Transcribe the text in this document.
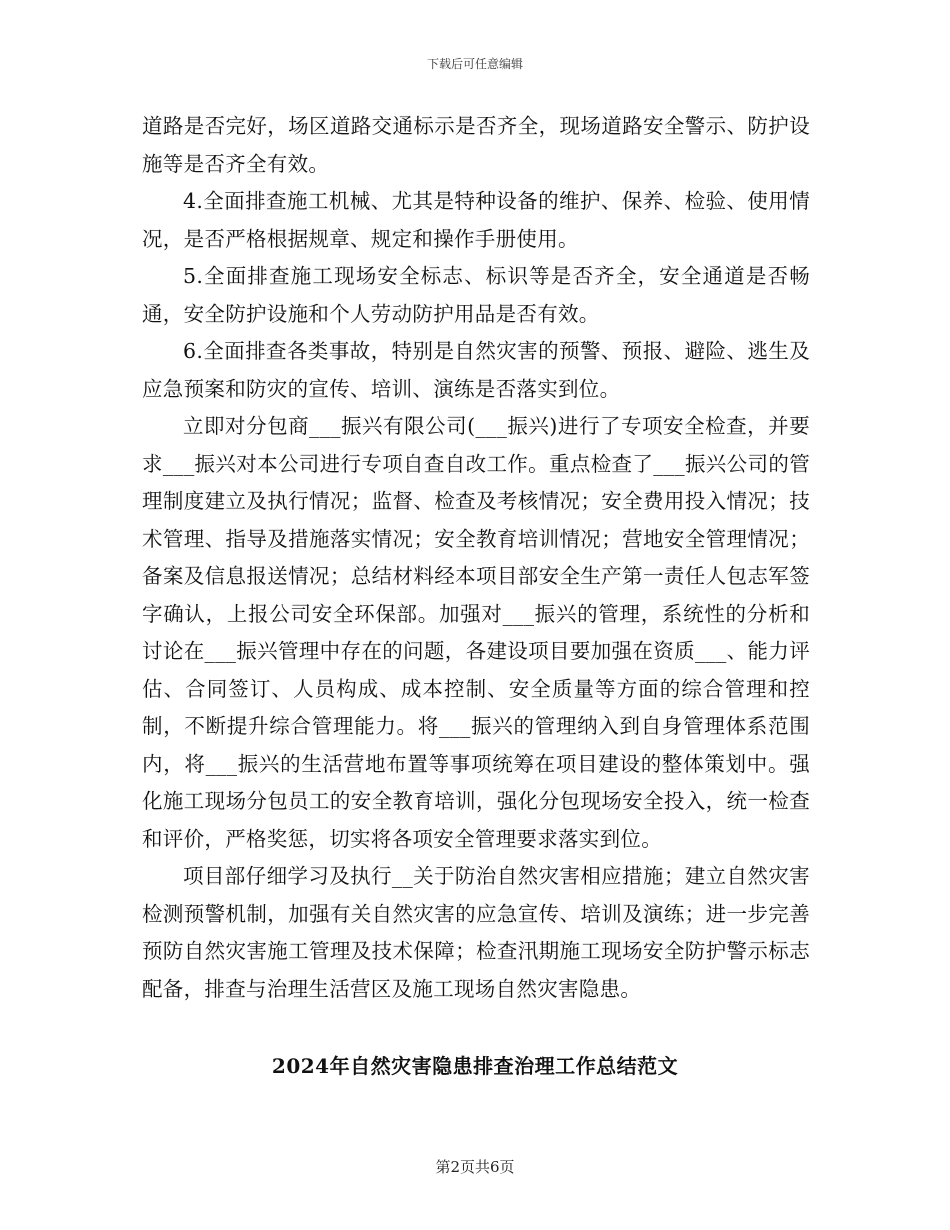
下载后可任意编辑

道路是否完好，场区道路交通标示是否齐全，现场道路安全警示、防护设施等是否齐全有效。

4.全面排查施工机械、尤其是特种设备的维护、保养、检验、使用情况，是否严格根据规章、规定和操作手册使用。

5.全面排查施工现场安全标志、标识等是否齐全，安全通道是否畅通，安全防护设施和个人劳动防护用品是否有效。

6.全面排查各类事故，特别是自然灾害的预警、预报、避险、逃生及应急预案和防灾的宣传、培训、演练是否落实到位。

立即对分包商___振兴有限公司(___振兴)进行了专项安全检查，并要求___振兴对本公司进行专项自查自改工作。重点检查了___振兴公司的管理制度建立及执行情况；监督、检查及考核情况；安全费用投入情况；技术管理、指导及措施落实情况；安全教育培训情况；营地安全管理情况；备案及信息报送情况；总结材料经本项目部安全生产第一责任人包志军签字确认，上报公司安全环保部。加强对___振兴的管理，系统性的分析和讨论在___振兴管理中存在的问题，各建设项目要加强在资质___、能力评估、合同签订、人员构成、成本控制、安全质量等方面的综合管理和控制，不断提升综合管理能力。将___振兴的管理纳入到自身管理体系范围内，将___振兴的生活营地布置等事项统筹在项目建设的整体策划中。强化施工现场分包员工的安全教育培训，强化分包现场安全投入，统一检查和评价，严格奖惩，切实将各项安全管理要求落实到位。

项目部仔细学习及执行__关于防治自然灾害相应措施；建立自然灾害检测预警机制，加强有关自然灾害的应急宣传、培训及演练；进一步完善预防自然灾害施工管理及技术保障；检查汛期施工现场安全防护警示标志配备，排查与治理生活营区及施工现场自然灾害隐患。

2024年自然灾害隐患排查治理工作总结范文
第2页共6页
